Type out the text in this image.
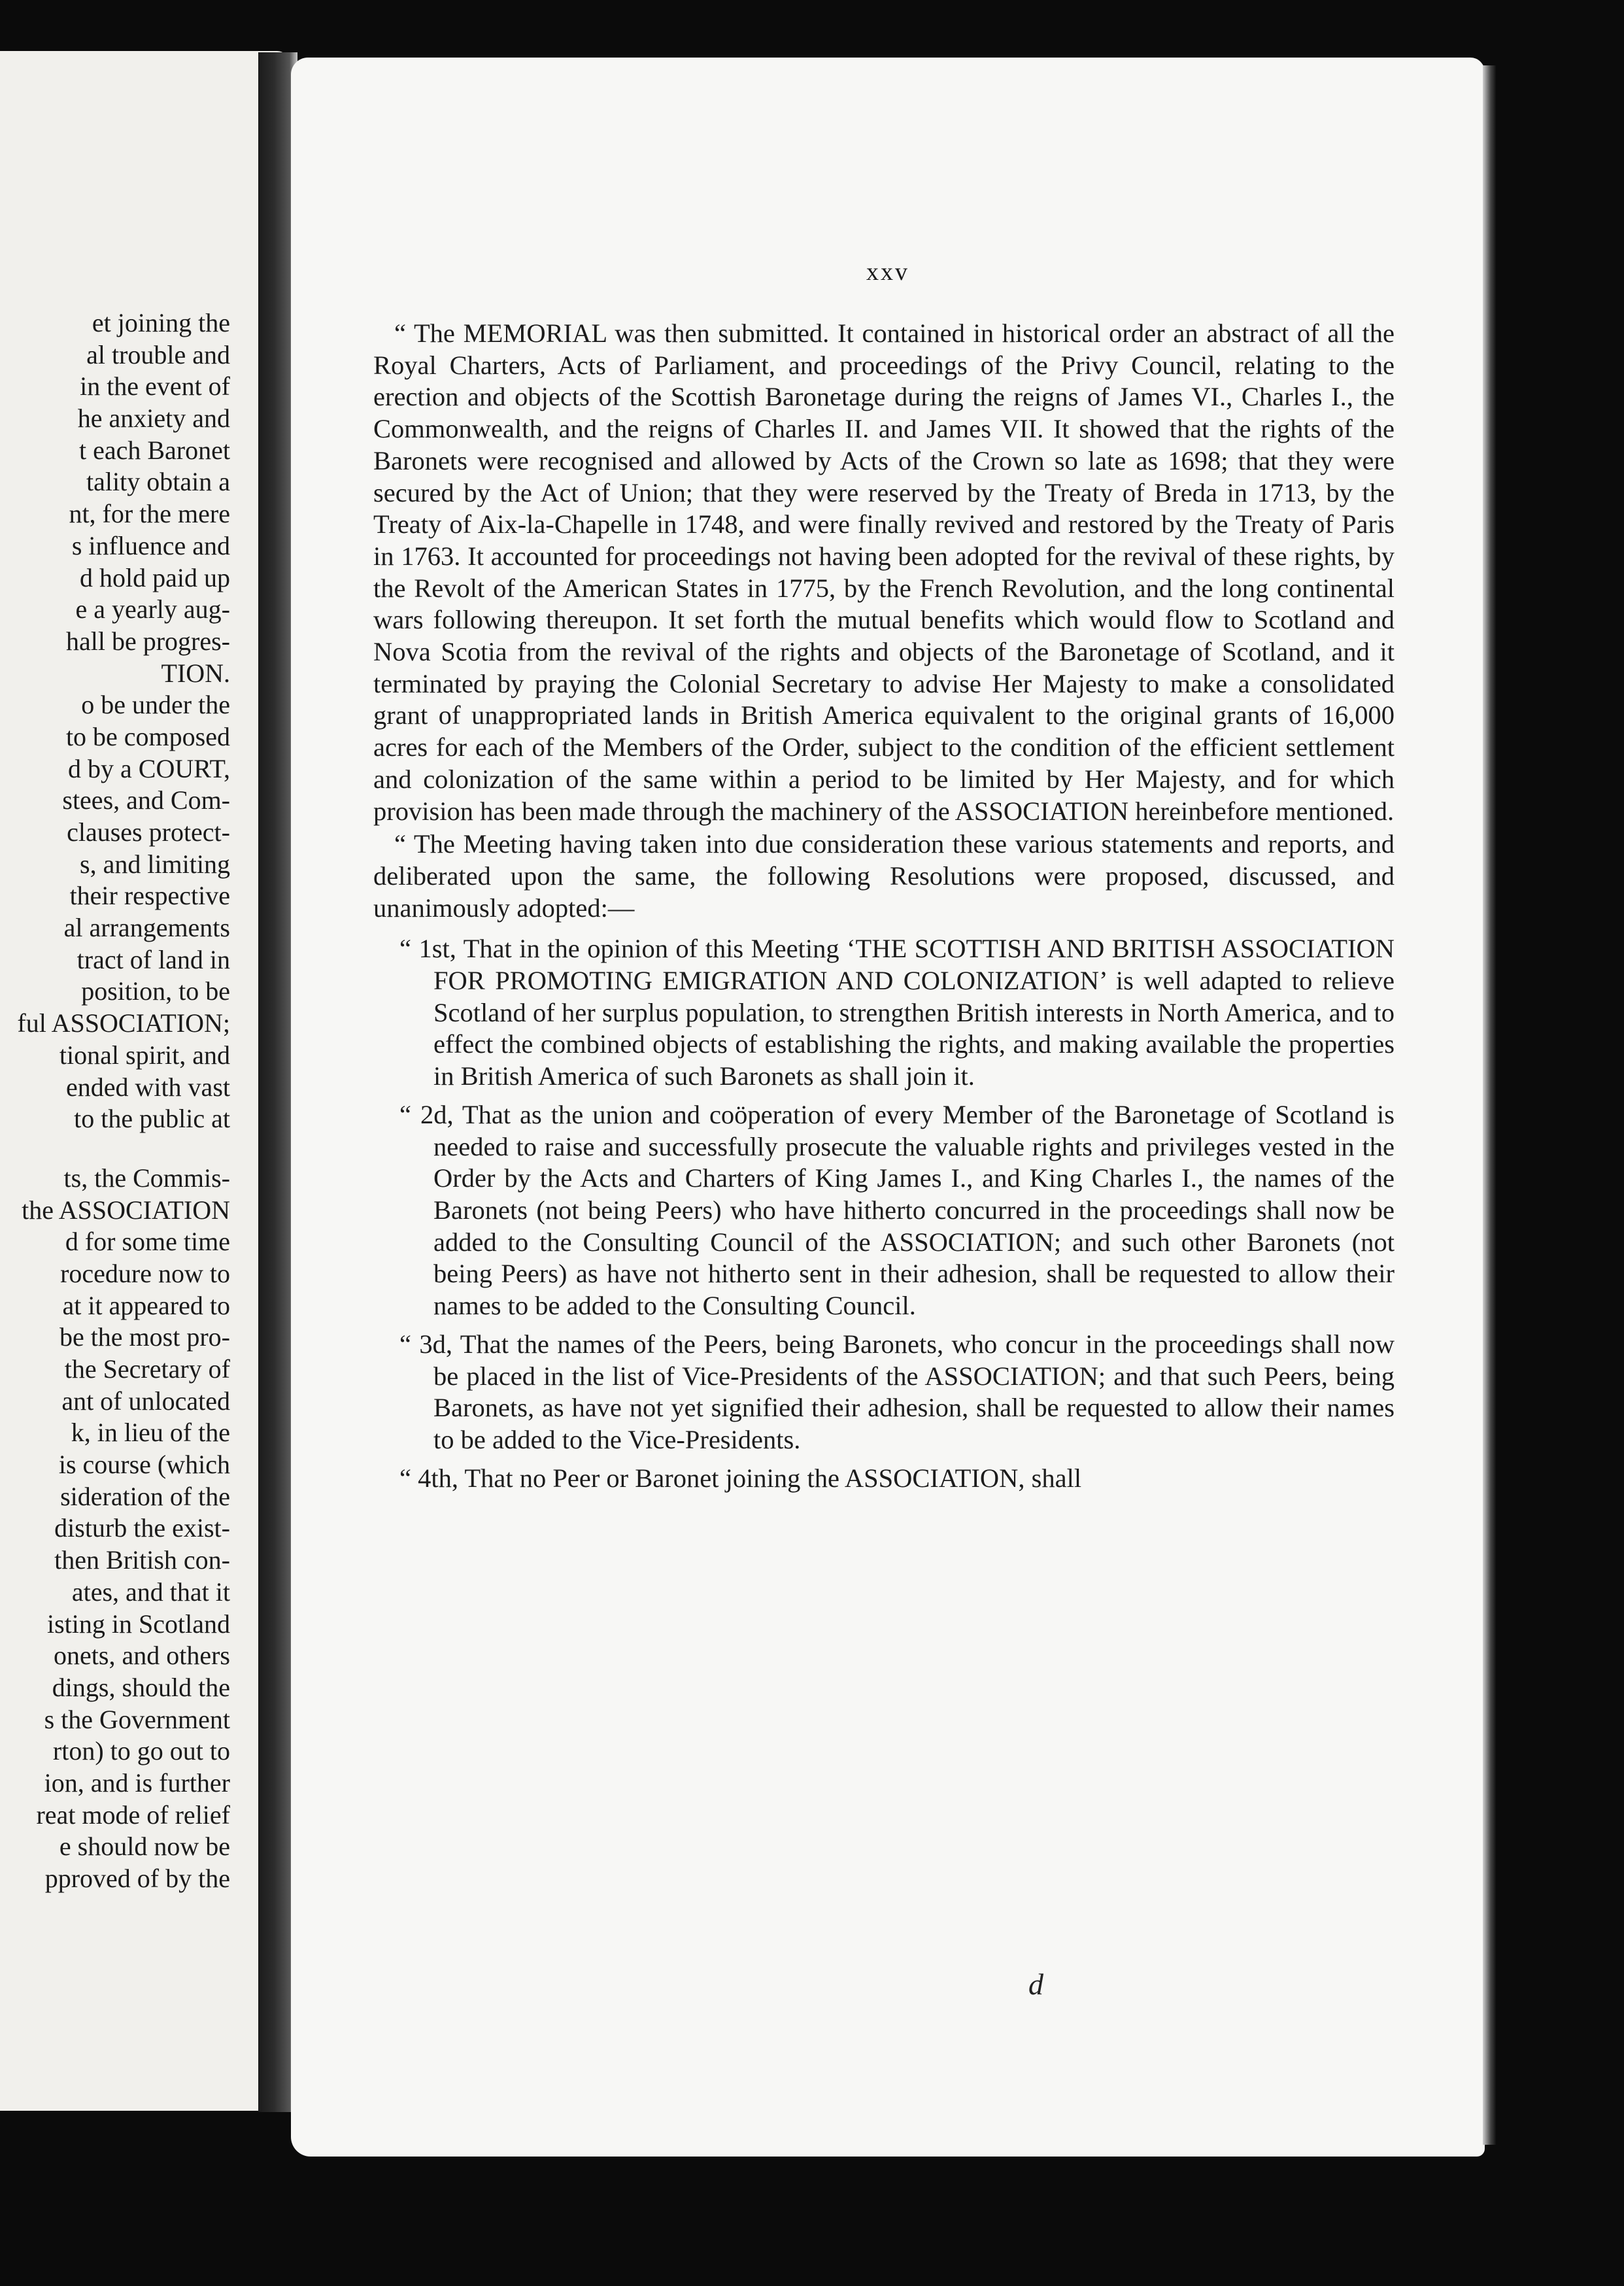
et joining the
al trouble and
in the event of
he anxiety and
t each Baronet
tality obtain a
nt, for the mere
s influence and
d hold paid up
e a yearly aug-
hall be progres-
TION.
o be under the
to be composed
d by a COURT,
stees, and Com-
clauses protect-
s, and limiting
their respective
al arrangements
tract of land in
position, to be
ful ASSOCIATION;
tional spirit, and
ended with vast
to the public at
ts, the Commis-
the ASSOCIATION
d for some time
rocedure now to
at it appeared to
be the most pro-
the Secretary of
ant of unlocated
k, in lieu of the
is course (which
sideration of the
disturb the exist-
then British con-
ates, and that it
isting in Scotland
onets, and others
dings, should the
s the Government
rton) to go out to
ion, and is further
reat mode of relief
e should now be
pproved of by the
xxv

“ The MEMORIAL was then submitted. It contained in historical order an abstract of all the Royal Charters, Acts of Parliament, and proceedings of the Privy Council, relating to the erection and objects of the Scottish Baronetage during the reigns of James VI., Charles I., the Commonwealth, and the reigns of Charles II. and James VII. It showed that the rights of the Baronets were recognised and allowed by Acts of the Crown so late as 1698; that they were secured by the Act of Union; that they were reserved by the Treaty of Breda in 1713, by the Treaty of Aix-la-Chapelle in 1748, and were finally revived and restored by the Treaty of Paris in 1763. It accounted for proceedings not having been adopted for the revival of these rights, by the Revolt of the American States in 1775, by the French Revolution, and the long continental wars following thereupon. It set forth the mutual benefits which would flow to Scotland and Nova Scotia from the revival of the rights and objects of the Baronetage of Scotland, and it terminated by praying the Colonial Secretary to advise Her Majesty to make a consolidated grant of unappropriated lands in British America equivalent to the original grants of 16,000 acres for each of the Members of the Order, subject to the condition of the efficient settlement and colonization of the same within a period to be limited by Her Majesty, and for which provision has been made through the machinery of the ASSOCIATION hereinbefore mentioned.

“ The Meeting having taken into due consideration these various statements and reports, and deliberated upon the same, the following Resolutions were proposed, discussed, and unanimously adopted:—

“ 1st, That in the opinion of this Meeting ‘THE SCOTTISH AND BRITISH ASSOCIATION FOR PROMOTING EMIGRATION AND COLONIZATION’ is well adapted to relieve Scotland of her surplus population, to strengthen British interests in North America, and to effect the combined objects of establishing the rights, and making available the properties in British America of such Baronets as shall join it.

“ 2d, That as the union and coöperation of every Member of the Baronetage of Scotland is needed to raise and successfully prosecute the valuable rights and privileges vested in the Order by the Acts and Charters of King James I., and King Charles I., the names of the Baronets (not being Peers) who have hitherto concurred in the proceedings shall now be added to the Consulting Council of the ASSOCIATION; and such other Baronets (not being Peers) as have not hitherto sent in their adhesion, shall be requested to allow their names to be added to the Consulting Council.

“ 3d, That the names of the Peers, being Baronets, who concur in the proceedings shall now be placed in the list of Vice-Presidents of the ASSOCIATION; and that such Peers, being Baronets, as have not yet signified their adhesion, shall be requested to allow their names to be added to the Vice-Presidents.

“ 4th, That no Peer or Baronet joining the ASSOCIATION, shall

d
